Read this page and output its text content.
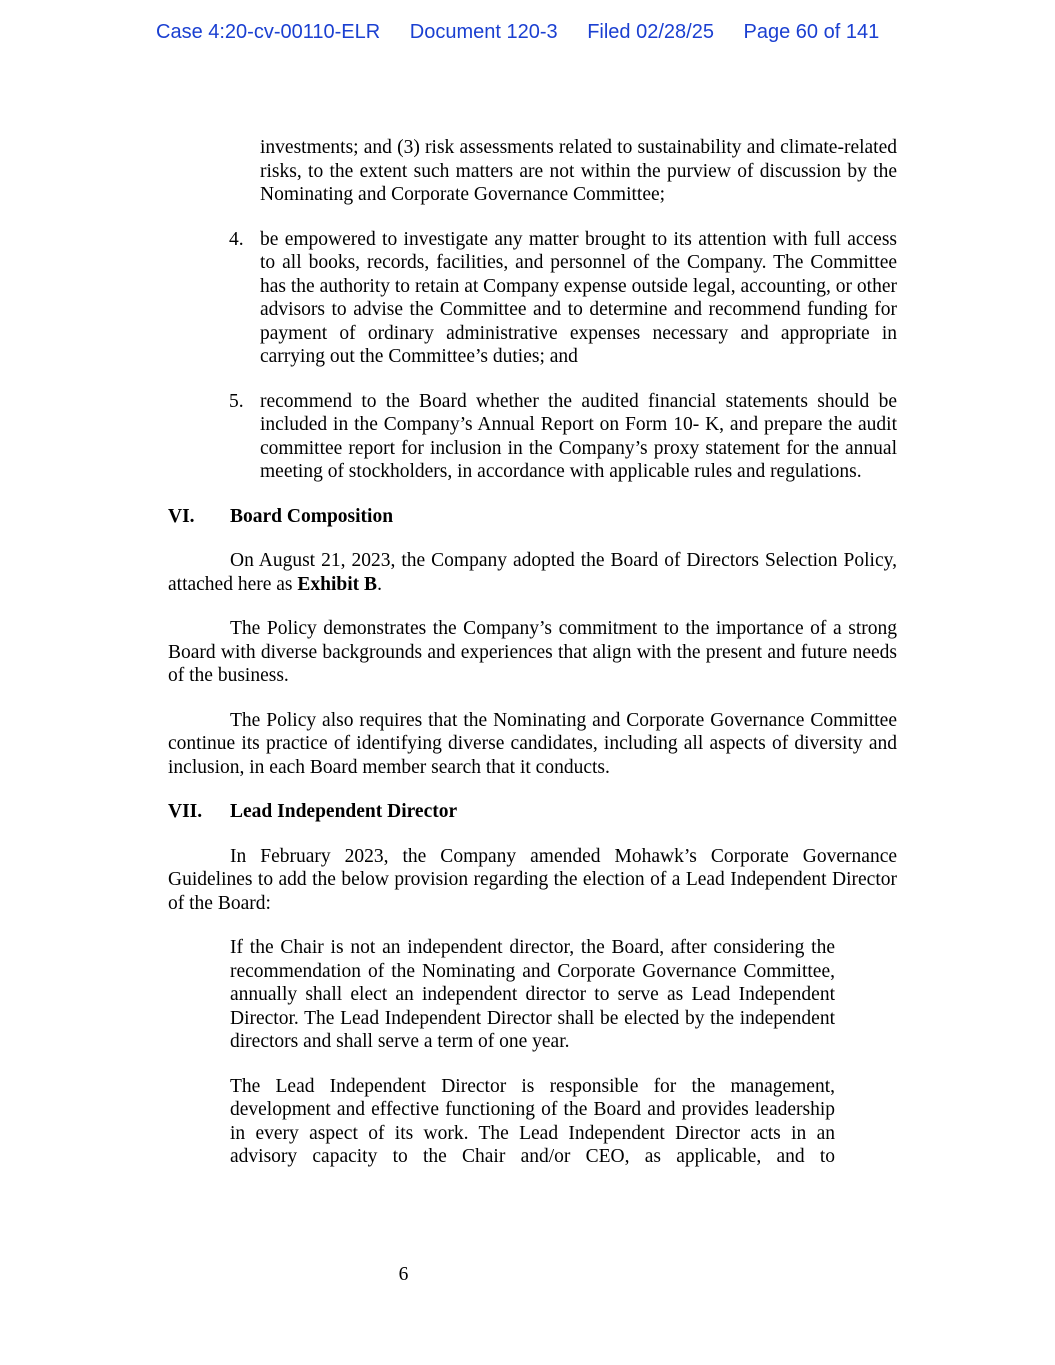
Case 4:20-cv-00110-ELR Document 120-3 Filed 02/28/25 Page 60 of 141

investments; and (3) risk assessments related to sustainability and climate-related risks, to the extent such matters are not within the purview of discussion by the Nominating and Corporate Governance Committee;

4. be empowered to investigate any matter brought to its attention with full access to all books, records, facilities, and personnel of the Company. The Committee has the authority to retain at Company expense outside legal, accounting, or other advisors to advise the Committee and to determine and recommend funding for payment of ordinary administrative expenses necessary and appropriate in carrying out the Committee’s duties; and
5. recommend to the Board whether the audited financial statements should be included in the Company’s Annual Report on Form 10- K, and prepare the audit committee report for inclusion in the Company’s proxy statement for the annual meeting of stockholders, in accordance with applicable rules and regulations.
VI. Board Composition

On August 21, 2023, the Company adopted the Board of Directors Selection Policy, attached here as Exhibit B.

The Policy demonstrates the Company’s commitment to the importance of a strong Board with diverse backgrounds and experiences that align with the present and future needs of the business.

The Policy also requires that the Nominating and Corporate Governance Committee continue its practice of identifying diverse candidates, including all aspects of diversity and inclusion, in each Board member search that it conducts.

VII. Lead Independent Director

In February 2023, the Company amended Mohawk’s Corporate Governance Guidelines to add the below provision regarding the election of a Lead Independent Director of the Board:

If the Chair is not an independent director, the Board, after considering the recommendation of the Nominating and Corporate Governance Committee, annually shall elect an independent director to serve as Lead Independent Director. The Lead Independent Director shall be elected by the independent directors and shall serve a term of one year.

The Lead Independent Director is responsible for the management, development and effective functioning of the Board and provides leadership in every aspect of its work. The Lead Independent Director acts in an advisory capacity to the Chair and/or CEO, as applicable, and to

6
